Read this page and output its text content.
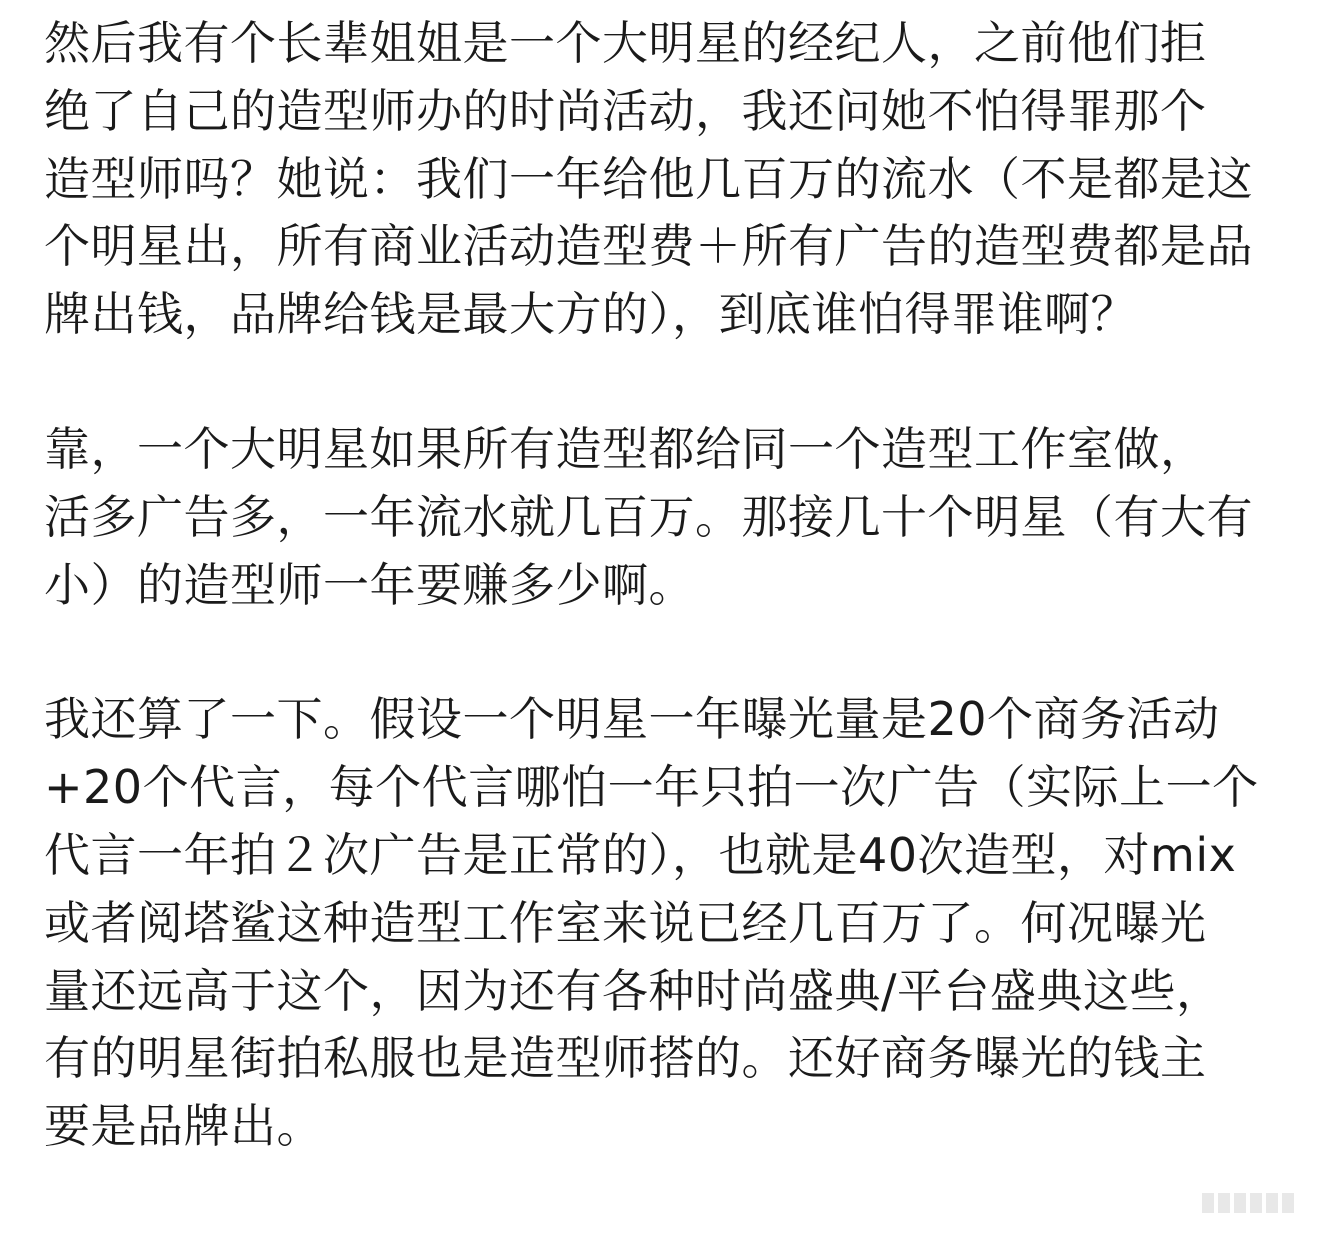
然后我有个长辈姐姐是一个大明星的经纪人，之前他们拒
绝了自己的造型师办的时尚活动，我还问她不怕得罪那个
造型师吗？她说：我们一年给他几百万的流水（不是都是这
个明星出，所有商业活动造型费＋所有广告的造型费都是品
牌出钱，品牌给钱是最大方的），到底谁怕得罪谁啊？
靠，一个大明星如果所有造型都给同一个造型工作室做，
活多广告多，一年流水就几百万。那接几十个明星（有大有
小）的造型师一年要赚多少啊。
我还算了一下。假设一个明星一年曝光量是20个商务活动
+20个代言，每个代言哪怕一年只拍一次广告（实际上一个
代言一年拍２次广告是正常的），也就是40次造型，对mix
或者阅塔鲨这种造型工作室来说已经几百万了。何况曝光
量还远高于这个，因为还有各种时尚盛典/平台盛典这些，
有的明星街拍私服也是造型师搭的。还好商务曝光的钱主
要是品牌出。
